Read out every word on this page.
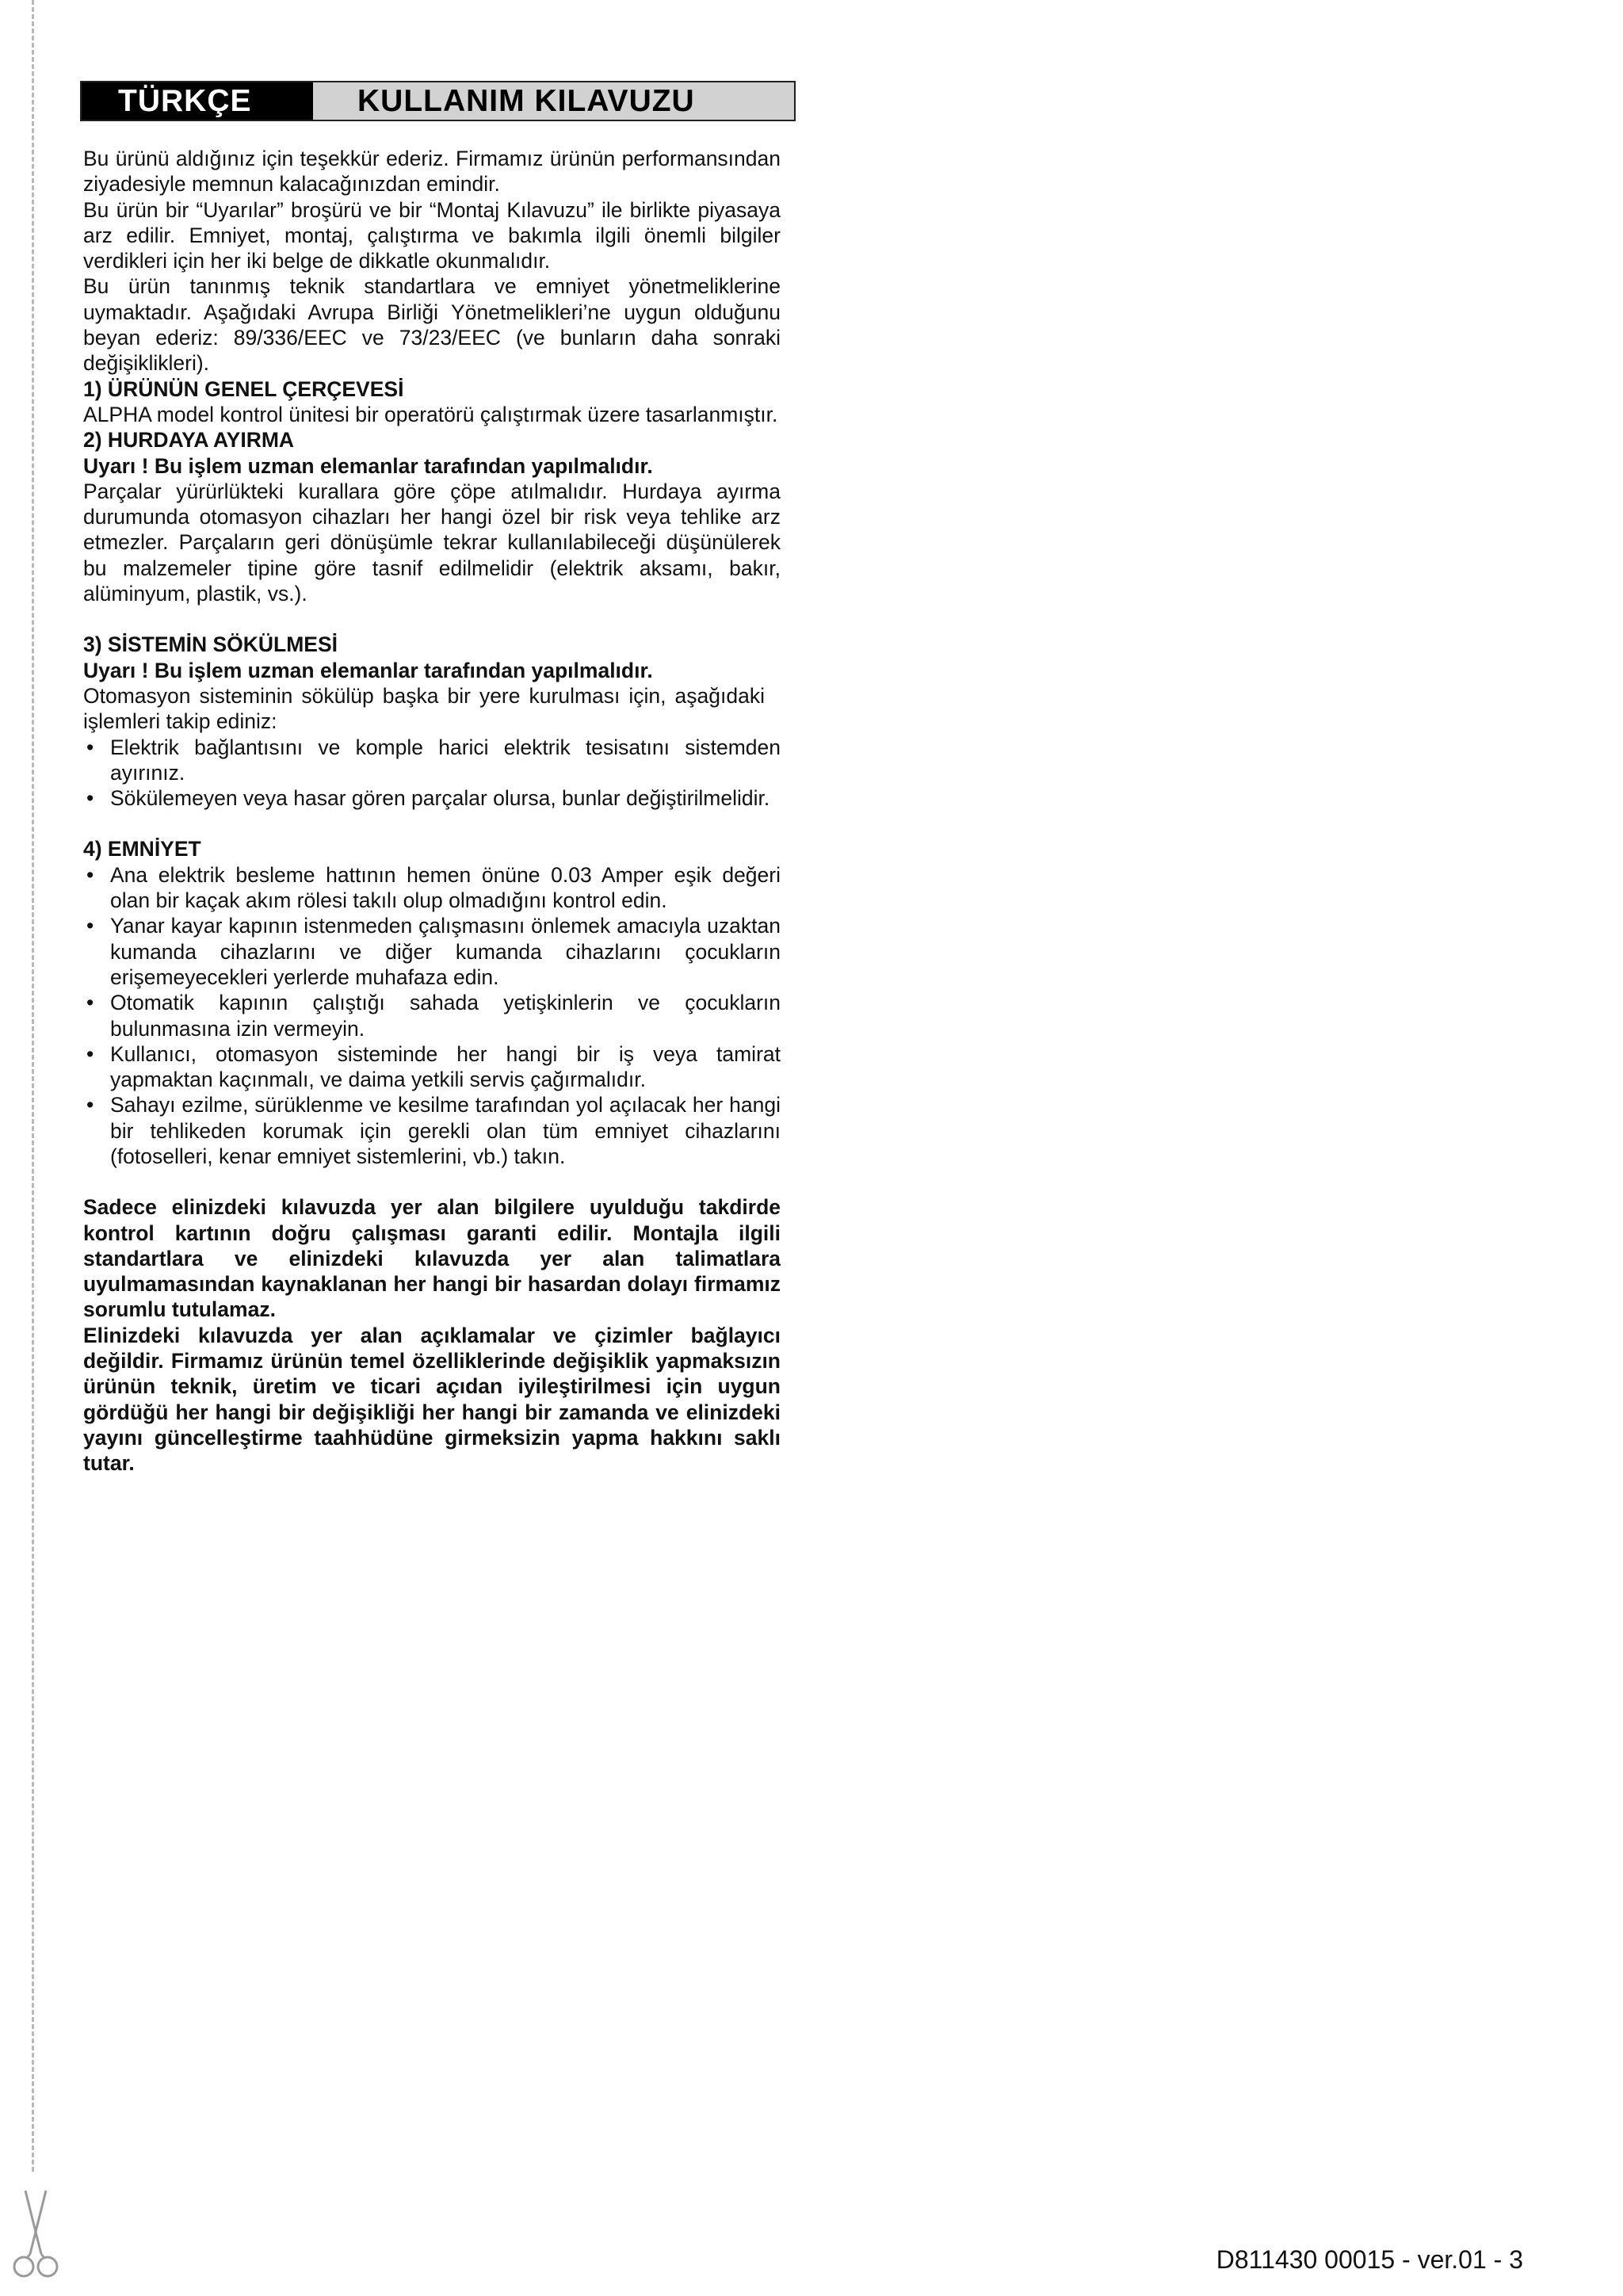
TÜRKÇE	KULLANIM KILAVUZU

Bu ürünü aldığınız için teşekkür ederiz. Firmamız ürünün performansından ziyadesiyle memnun kalacağınızdan emindir.

Bu ürün bir “Uyarılar” broşürü ve bir “Montaj Kılavuzu” ile birlikte piyasaya arz edilir. Emniyet, montaj, çalıştırma ve bakımla ilgili önemli bilgiler verdikleri için her iki belge de dikkatle okunmalıdır.

Bu ürün tanınmış teknik standartlara ve emniyet yönetmeliklerine uymaktadır. Aşağıdaki Avrupa Birliği Yönetmelikleri’ne uygun olduğunu beyan ederiz: 89/336/EEC ve 73/23/EEC (ve bunların daha sonraki değişiklikleri).

1) ÜRÜNÜN GENEL ÇERÇEVESİ

ALPHA model kontrol ünitesi bir operatörü çalıştırmak üzere tasarlanmıştır.

2) HURDAYA AYIRMA
Uyarı ! Bu işlem uzman elemanlar tarafından yapılmalıdır.

Parçalar yürürlükteki kurallara göre çöpe atılmalıdır. Hurdaya ayırma durumunda otomasyon cihazları her hangi özel bir risk veya tehlike arz etmezler. Parçaların geri dönüşümle tekrar kullanılabileceği düşünülerek bu malzemeler tipine göre tasnif edilmelidir (elektrik aksamı, bakır, alüminyum, plastik, vs.).

3) SİSTEMİN SÖKÜLMESİ
Uyarı ! Bu işlem uzman elemanlar tarafından yapılmalıdır.

Otomasyon sisteminin sökülüp başka bir yere kurulması için, aşağıdaki işlemleri takip ediniz:

• Elektrik bağlantısını ve komple harici elektrik tesisatını sistemden ayırınız.
• Sökülemeyen veya hasar gören parçalar olursa, bunlar değiştirilmelidir.
4) EMNİYET
• Ana elektrik besleme hattının hemen önüne 0.03 Amper eşik değeri olan bir kaçak akım rölesi takılı olup olmadığını kontrol edin.
• Yanar kayar kapının istenmeden çalışmasını önlemek amacıyla uzaktan kumanda cihazlarını ve diğer kumanda cihazlarını çocukların erişemeyecekleri yerlerde muhafaza edin.
• Otomatik kapının çalıştığı sahada yetişkinlerin ve çocukların bulunmasına izin vermeyin.
• Kullanıcı, otomasyon sisteminde her hangi bir iş veya tamirat yapmaktan kaçınmalı, ve daima yetkili servis çağırmalıdır.
• Sahayı ezilme, sürüklenme ve kesilme tarafından yol açılacak her hangi bir tehlikeden korumak için gerekli olan tüm emniyet cihazlarını (fotoselleri, kenar emniyet sistemlerini, vb.) takın.

Sadece elinizdeki kılavuzda yer alan bilgilere uyulduğu takdirde kontrol kartının doğru çalışması garanti edilir. Montajla ilgili standartlara ve elinizdeki kılavuzda yer alan talimatlara uyulmamasından kaynaklanan her hangi bir hasardan dolayı firmamız sorumlu tutulamaz.

Elinizdeki kılavuzda yer alan açıklamalar ve çizimler bağlayıcı değildir. Firmamız ürünün temel özelliklerinde değişiklik yapmaksızın ürünün teknik, üretim ve ticari açıdan iyileştirilmesi için uygun gördüğü her hangi bir değişikliği her hangi bir zamanda ve elinizdeki yayını güncelleştirme taahhüdüne girmeksizin yapma hakkını saklı tutar.

D811430 00015 - ver.01 - 3
